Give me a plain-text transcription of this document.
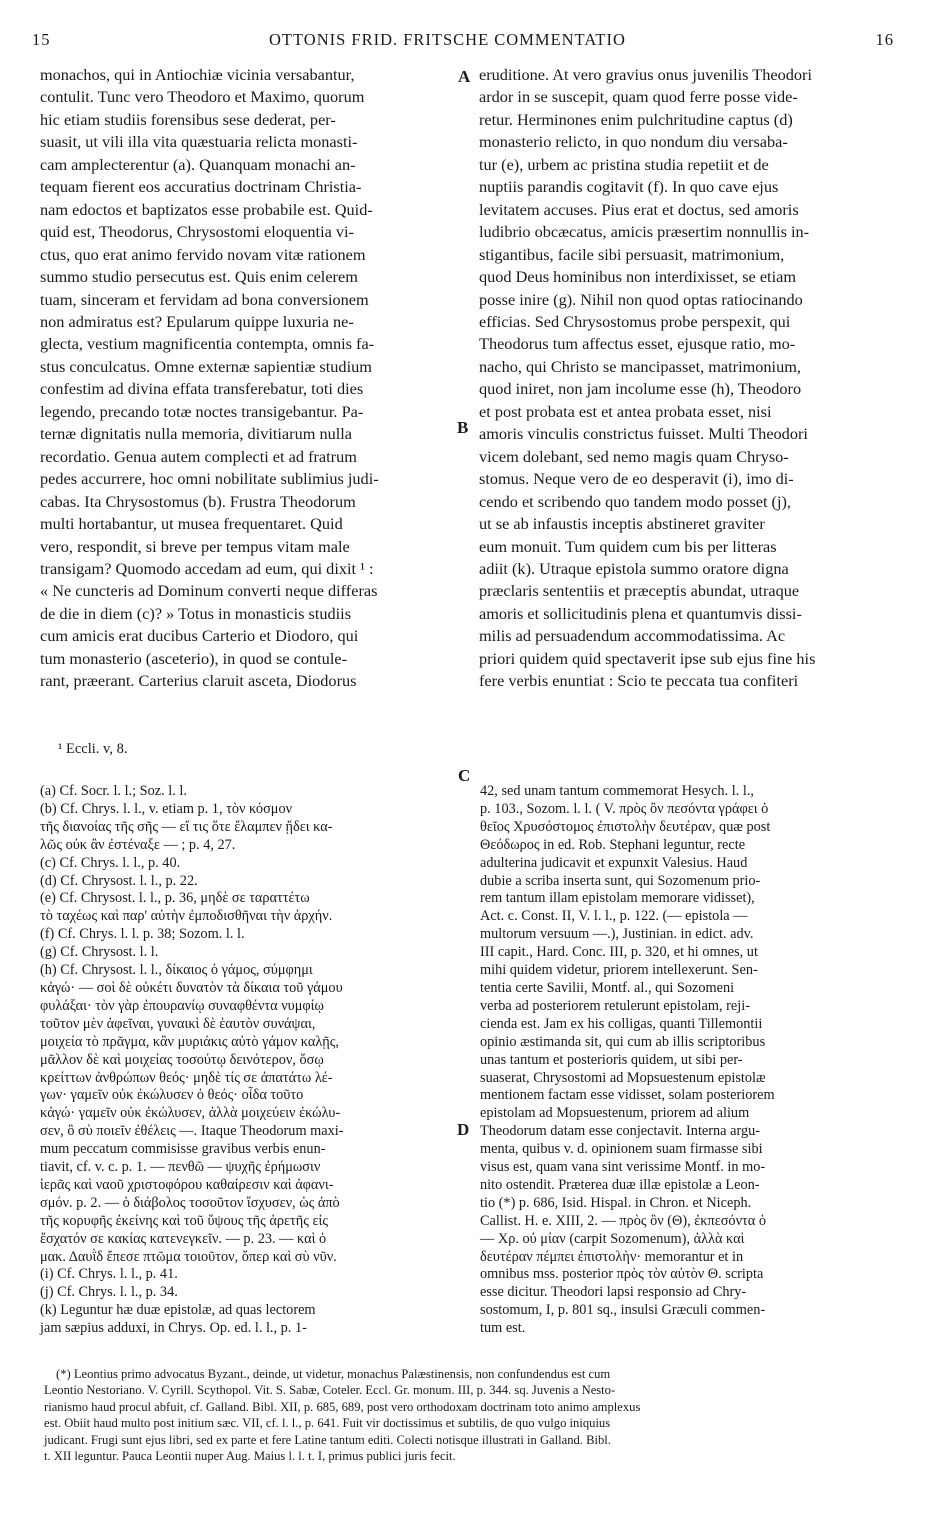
15	OTTONIS FRID. FRITSCHE COMMENTATIO	16
monachos, qui in Antiochiæ vicinia versabantur,
contulit. Tunc vero Theodoro et Maximo, quorum
hic etiam studiis forensibus sese dederat, per-
suasit, ut vili illa vita quæstuaria relicta monasti-
cam amplecterentur (a). Quanquam monachi an-
tequam fierent eos accuratius doctrinam Christia-
nam edoctos et baptizatos esse probabile est. Quid-
quid est, Theodorus, Chrysostomi eloquentia vi-
ctus, quo erat animo fervido novam vitæ rationem
summo studio persecutus est. Quis enim celerem
tuam, sinceram et fervidam ad bona conversionem
non admiratus est? Epularum quippe luxuria ne-
glecta, vestium magnificentia contempta, omnis fa-
stus conculcatus. Omne externæ sapientiæ studium
confestim ad divina effata transferebatur, toti dies
legendo, precando totæ noctes transigebantur. Pa-
ternæ dignitatis nulla memoria, divitiarum nulla
recordatio. Genua autem complecti et ad fratrum
pedes accurrere, hoc omni nobilitate sublimius judi-
cabas. Ita Chrysostomus (b). Frustra Theodorum
multi hortabantur, ut musea frequentaret. Quid
vero, respondit, si breve per tempus vitam male
transigam? Quomodo accedam ad eum, qui dixit ¹ :
« Ne cuncteris ad Dominum converti neque differas
de die in diem (c)? » Totus in monasticis studiis
cum amicis erat ducibus Carterio et Diodoro, qui
tum monasterio (asceterio), in quod se contule-
rant, præerant. Carterius claruit asceta, Diodorus
eruditione. At vero gravius onus juvenilis Theodori
ardor in se suscepit, quam quod ferre posse vide-
retur. Herminones enim pulchritudine captus (d)
monasterio relicto, in quo nondum diu versaba-
tur (e), urbem ac pristina studia repetiit et de
nuptiis parandis cogitavit (f). In quo cave ejus
levitatem accuses. Pius erat et doctus, sed amoris
ludibrio obcæcatus, amicis præsertim nonnullis in-
stigantibus, facile sibi persuasit, matrimonium,
quod Deus hominibus non interdixisset, se etiam
posse inire (g). Nihil non quod optas ratiocinando
efficias. Sed Chrysostomus probe perspexit, qui
Theodorus tum affectus esset, ejusque ratio, mo-
nacho, qui Christo se mancipasset, matrimonium,
quod iniret, non jam incolume esse (h), Theodoro
et post probata est et antea probata esset, nisi
amoris vinculis constrictus fuisset. Multi Theodori
vicem dolebant, sed nemo magis quam Chryso-
stomus. Neque vero de eo desperavit (i), imo di-
cendo et scribendo quo tandem modo posset (j),
ut se ab infaustis inceptis abstineret graviter
eum monuit. Tum quidem cum bis per litteras
adiit (k). Utraque epistola summo oratore digna
præclaris sententiis et præceptis abundat, utraque
amoris et sollicitudinis plena et quantumvis dissi-
milis ad persuadendum accommodatissima. Ac
priori quidem quid spectaverit ipse sub ejus fine his
fere verbis enuntiat : Scio te peccata tua confiteri
A
B
C
D
¹ Eccli. v, 8.
(a) Cf. Socr. l. l.; Soz. l. l.
(b) Cf. Chrys. l. l., v. etiam p. 1, τὸν κόσμον
τῆς διανοίας τῆς σῆς — εἴ τις ὅτε ἔλαμπεν ᾔδει κα-
λῶς οὐκ ἂν ἐστέναξε — ; p. 4, 27.
(c) Cf. Chrys. l. l., p. 40.
(d) Cf. Chrysost. l. l., p. 22.
(e) Cf. Chrysost. l. l., p. 36, μηδὲ σε ταραττέτω
τὸ ταχέως καὶ παρ' αὐτὴν ἐμποδισθῆναι τὴν ἀρχήν.
(f) Cf. Chrys. l. l. p. 38; Sozom. l. l.
(g) Cf. Chrysost. l. l.
(h) Cf. Chrysost. l. l., δίκαιος ὁ γάμος, σύμφημι
κἀγώ· — σοὶ δὲ οὐκέτι δυνατὸν τὰ δίκαια τοῦ γάμου
φυλάξαι· τὸν γὰρ ἐπουρανίῳ συναφθέντα νυμφίῳ
τοῦτον μὲν ἀφεῖναι, γυναικὶ δὲ ἑαυτὸν συνάψαι,
μοιχεία τὸ πρᾶγμα, κἂν μυριάκις αὐτὸ γάμον καλῇς,
μᾶλλον δὲ καὶ μοιχείας τοσούτῳ δεινότερον, ὅσῳ
κρείττων ἀνθρώπων θεός· μηδὲ τίς σε ἀπατάτω λέ-
γων· γαμεῖν οὐκ ἐκώλυσεν ὁ θεός· οἶδα τοῦτο
κἀγώ· γαμεῖν οὐκ ἐκώλυσεν, ἀλλὰ μοιχεύειν ἐκώλυ-
σεν, ὃ σὺ ποιεῖν ἐθέλεις —. Itaque Theodorum maxi-
mum peccatum commisisse gravibus verbis enun-
tiavit, cf. v. c. p. 1. — πενθῶ — ψυχῆς ἐρήμωσιν
ἱερᾶς καὶ ναοῦ χριστοφόρου καθαίρεσιν καὶ ἀφανι-
σμόν. p. 2. — ὁ διάβολος τοσοῦτον ἴσχυσεν, ὡς ἀπὸ
τῆς κορυφῆς ἐκείνης καὶ τοῦ ὕψους τῆς ἀρετῆς εἰς
ἔσχατόν σε κακίας κατενεγκεῖν. — p. 23. — καὶ ὁ
μακ. Δαυῒδ ἔπεσε πτῶμα τοιοῦτον, ὅπερ καὶ σὺ νῦν.
(i) Cf. Chrys. l. l., p. 41.
(j) Cf. Chrys. l. l., p. 34.
(k) Leguntur hæ duæ epistolæ, ad quas lectorem
jam sæpius adduxi, in Chrys. Op. ed. l. l., p. 1-
42, sed unam tantum commemorat Hesych. l. l.,
p. 103., Sozom. l. l. ( V. πρὸς ὃν πεσόντα γράφει ὁ
θεῖος Χρυσόστομος ἐπιστολὴν δευτέραν, quæ post
Θεόδωρος in ed. Rob. Stephani leguntur, recte
adulterina judicavit et expunxit Valesius. Haud
dubie a scriba inserta sunt, qui Sozomenum prio-
rem tantum illam epistolam memorare vidisset),
Act. c. Const. II, V. l. l., p. 122. (— epistola —
multorum versuum —.), Justinian. in edict. adv.
III capit., Hard. Conc. III, p. 320, et hi omnes, ut
mihi quidem videtur, priorem intellexerunt. Sen-
tentia certe Savilii, Montf. al., qui Sozomeni
verba ad posteriorem retulerunt epistolam, reji-
cienda est. Jam ex his colligas, quanti Tillemontii
opinio æstimanda sit, qui cum ab illis scriptoribus
unas tantum et posterioris quidem, ut sibi per-
suaserat, Chrysostomi ad Mopsuestenum epistolæ
mentionem factam esse vidisset, solam posteriorem
epistolam ad Mopsuestenum, priorem ad alium
Theodorum datam esse conjectavit. Interna argu-
menta, quibus v. d. opinionem suam firmasse sibi
visus est, quam vana sint verissime Montf. in mo-
nito ostendit. Præterea duæ illæ epistolæ a Leon-
tio (*) p. 686, Isid. Hispal. in Chron. et Niceph.
Callist. H. e. XIII, 2. — πρὸς ὃν (Θ), ἐκπεσόντα ὁ
— Χρ. οὐ μίαν (carpit Sozomenum), ἀλλὰ καὶ
δευτέραν πέμπει ἐπιστολὴν· memorantur et in
omnibus mss. posterior πρὸς τὸν αὐτὸν Θ. scripta
esse dicitur. Theodori lapsi responsio ad Chry-
sostomum, I, p. 801 sq., insulsi Græculi commen-
tum est.
(*) Leontius primo advocatus Byzant., deinde, ut videtur, monachus Palæstinensis, non confundendus est cum
Leontio Nestoriano. V. Cyrill. Scythopol. Vit. S. Sabæ, Coteler. Eccl. Gr. monum. III, p. 344. sq. Juvenis a Nesto-
rianismo haud procul abfuit, cf. Galland. Bibl. XII, p. 685, 689, post vero orthodoxam doctrinam toto animo amplexus
est. Obiit haud multo post initium sæc. VII, cf. l. l., p. 641. Fuit vir doctissimus et subtilis, de quo vulgo iniquius
judicant. Frugi sunt ejus libri, sed ex parte et fere Latine tantum editi. Colecti notisque illustrati in Galland. Bibl.
t. XII leguntur. Pauca Leontii nuper Aug. Maius l. l. t. I, primus publici juris fecit.
